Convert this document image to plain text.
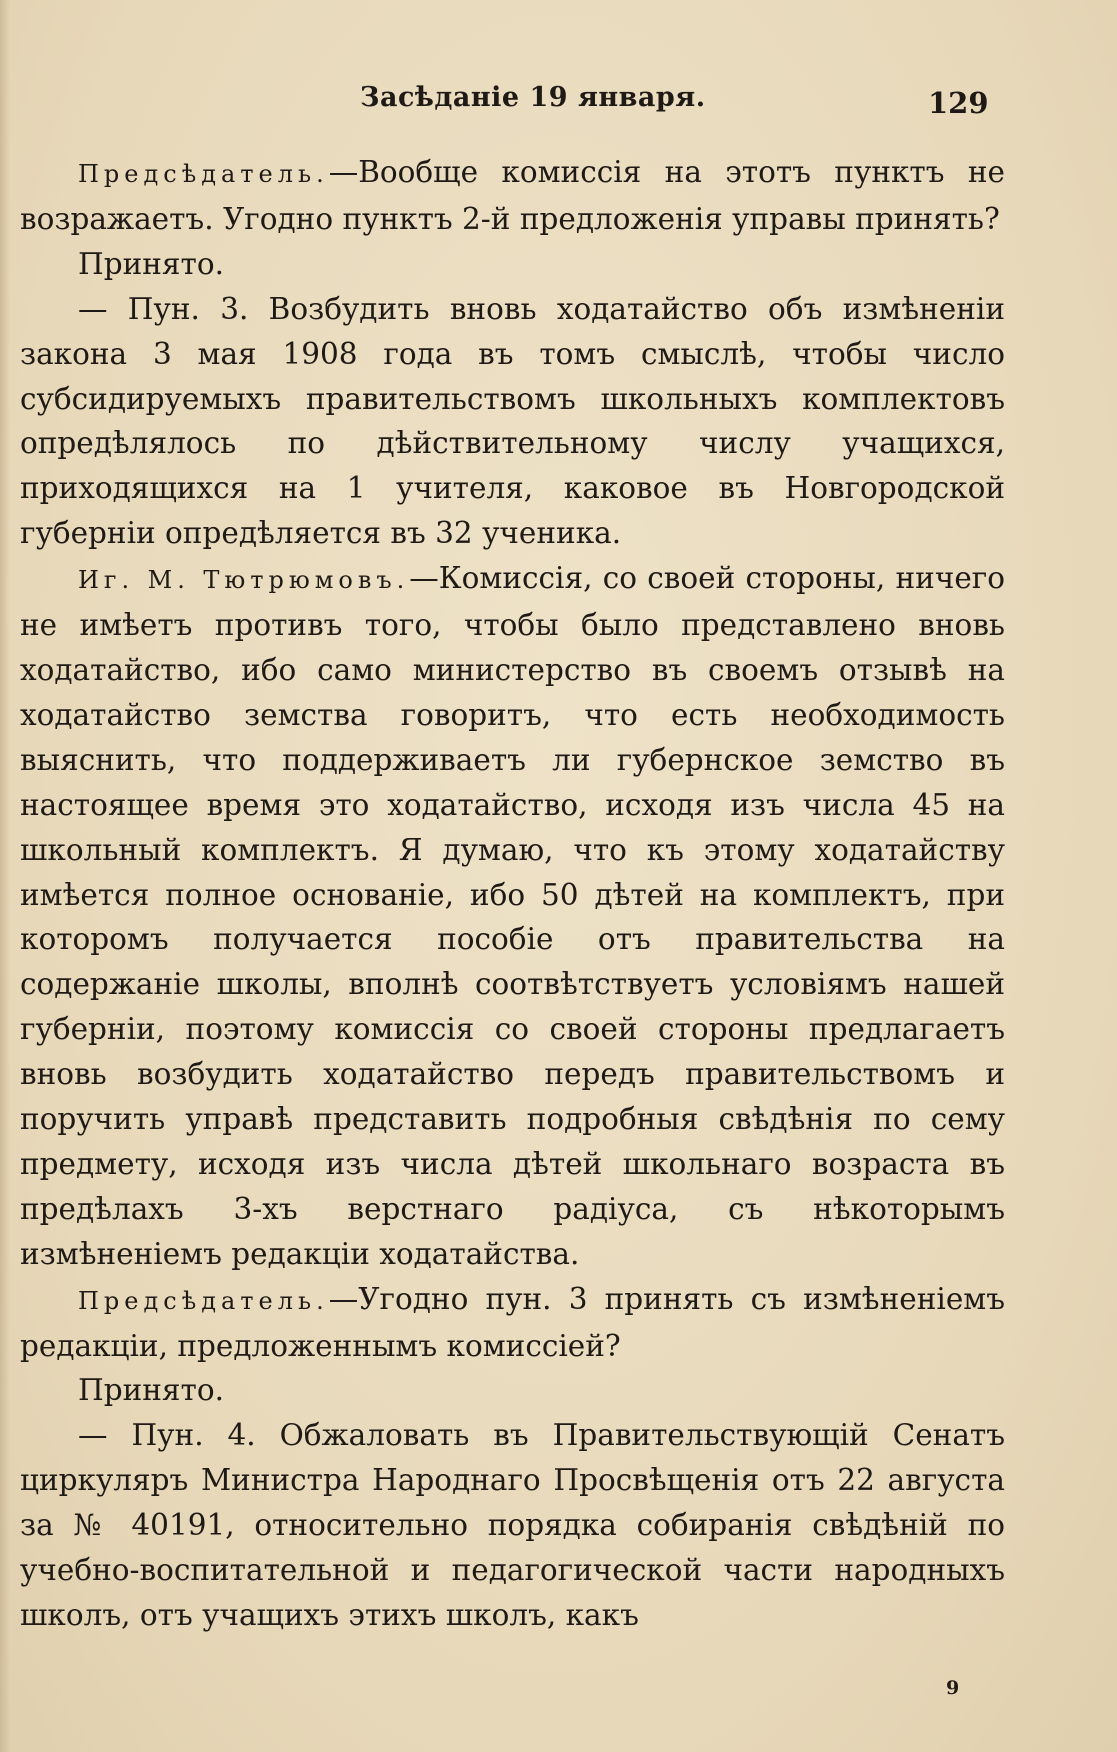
Засѣданіе 19 января.	129

Предсѣдатель.—Вообще комиссія на этотъ пунктъ не возражаетъ. Угодно пунктъ 2-й предложенія управы принять?

Принято.

— Пун. 3. Возбудить вновь ходатайство объ измѣненіи закона 3 мая 1908 года въ томъ смыслѣ, чтобы число субсидируемыхъ правительствомъ школьныхъ комплектовъ опредѣлялось по дѣйствительному числу учащихся, приходящихся на 1 учителя, каковое въ Новгородской губерніи опредѣляется въ 32 ученика.

Иг. М. Тютрюмовъ.—Комиссія, со своей стороны, ничего не имѣетъ противъ того, чтобы было представлено вновь ходатайство, ибо само министерство въ своемъ отзывѣ на ходатайство земства говоритъ, что есть необходимость выяснить, что поддерживаетъ ли губернское земство въ настоящее время это ходатайство, исходя изъ числа 45 на школьный комплектъ. Я думаю, что къ этому ходатайству имѣется полное основаніе, ибо 50 дѣтей на комплектъ, при которомъ получается пособіе отъ правительства на содержаніе школы, вполнѣ соотвѣтствуетъ условіямъ нашей губерніи, поэтому комиссія со своей стороны предлагаетъ вновь возбудить ходатайство передъ правительствомъ и поручить управѣ представить подробныя свѣдѣнія по сему предмету, исходя изъ числа дѣтей школьнаго возраста въ предѣлахъ 3-хъ верстнаго радіуса, съ нѣкоторымъ измѣненіемъ редакціи ходатайства.

Предсѣдатель.—Угодно пун. 3 принять съ измѣненіемъ редакціи, предложеннымъ комиссіей?

Принято.

— Пун. 4. Обжаловать въ Правительствующій Сенатъ циркуляръ Министра Народнаго Просвѣщенія отъ 22 августа за № 40191, относительно порядка собиранія свѣдѣній по учебно-воспитательной и педагогической части народныхъ школъ, отъ учащихъ этихъ школъ, какъ

9
